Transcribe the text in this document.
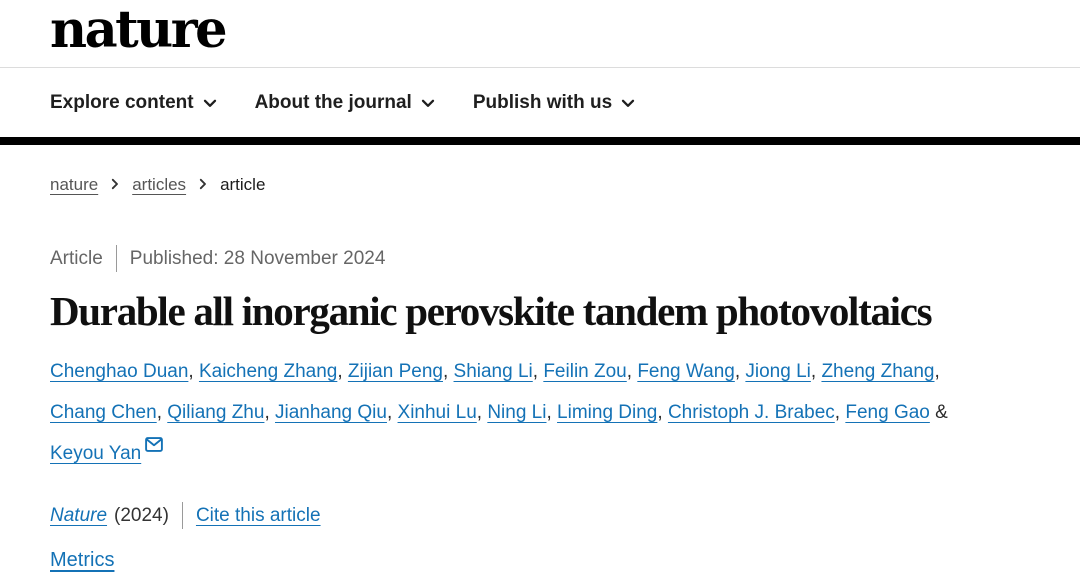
nature
Explore content	About the journal	Publish with us
nature articles article
Article Published: 28 November 2024
Durable all inorganic perovskite tandem photovoltaics

Chenghao Duan, Kaicheng Zhang, Zijian Peng, Shiang Li, Feilin Zou, Feng Wang, Jiong Li, Zheng Zhang,
Chang Chen, Qiliang Zhu, Jianhang Qiu, Xinhui Lu, Ning Li, Liming Ding, Christoph J. Brabec, Feng Gao &
Keyou Yan

Nature (2024) Cite this article
Metrics
